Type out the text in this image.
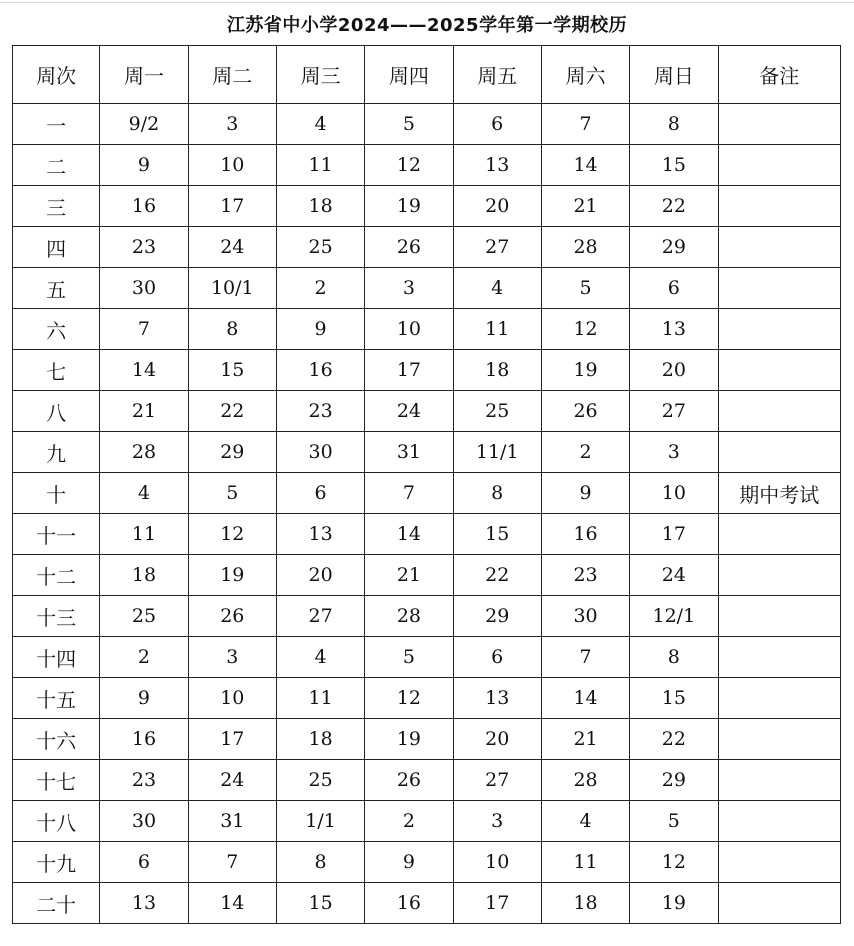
江苏省中小学2024——2025学年第一学期校历
周次	周一	周二	周三	周四	周五	周六	周日	备注
一	9/2	3	4	5	6	7	8	
二	9	10	11	12	13	14	15	
三	16	17	18	19	20	21	22	
四	23	24	25	26	27	28	29	
五	30	10/1	2	3	4	5	6	
六	7	8	9	10	11	12	13	
七	14	15	16	17	18	19	20	
八	21	22	23	24	25	26	27	
九	28	29	30	31	11/1	2	3	
十	4	5	6	7	8	9	10	期中考试
十一	11	12	13	14	15	16	17	
十二	18	19	20	21	22	23	24	
十三	25	26	27	28	29	30	12/1	
十四	2	3	4	5	6	7	8	
十五	9	10	11	12	13	14	15	
十六	16	17	18	19	20	21	22	
十七	23	24	25	26	27	28	29	
十八	30	31	1/1	2	3	4	5	
十九	6	7	8	9	10	11	12	
二十	13	14	15	16	17	18	19	
